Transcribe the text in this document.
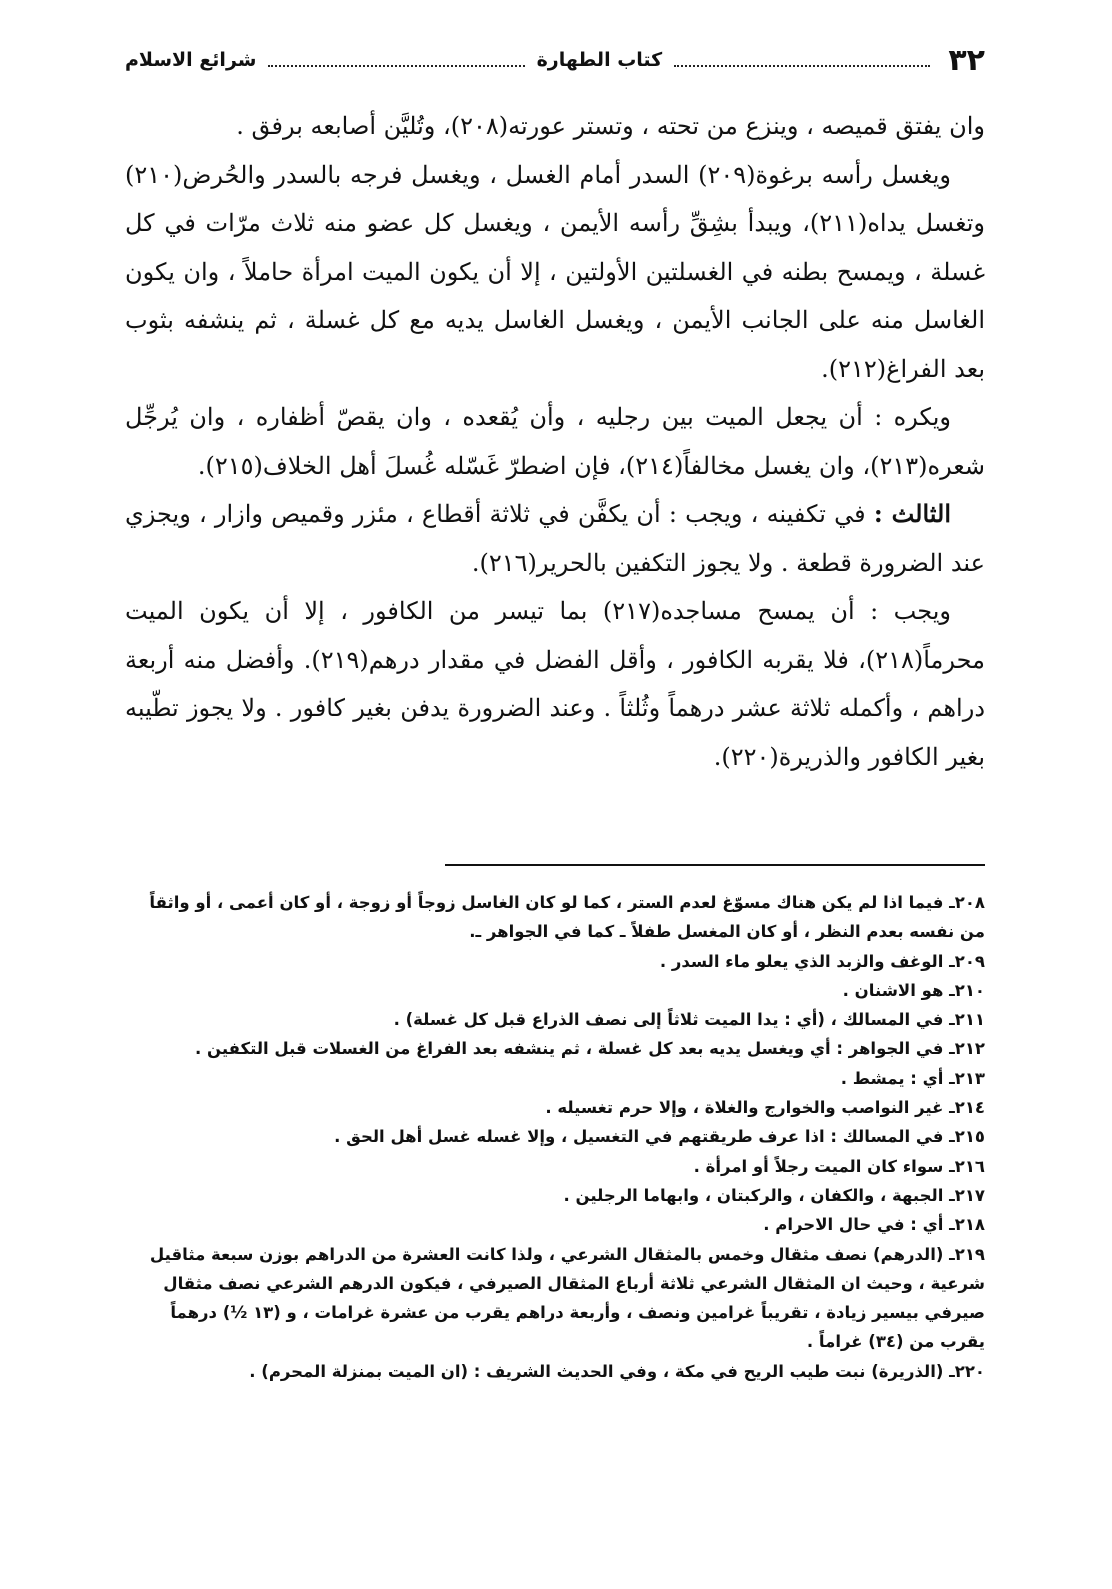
٣٢
كتاب الطهارة
شرائع الاسلام

وان يفتق قميصه ، وينزع من تحته ، وتستر عورته(٢٠٨)، وتُليَّن أصابعه برفق .

ويغسل رأسه برغوة(٢٠٩) السدر أمام الغسل ، ويغسل فرجه بالسدر والحُرض(٢١٠) وتغسل يداه(٢١١)، ويبدأ بشِقِّ رأسه الأيمن ، ويغسل كل عضو منه ثلاث مرّات في كل غسلة ، ويمسح بطنه في الغسلتين الأولتين ، إلا أن يكون الميت امرأة حاملاً ، وان يكون الغاسل منه على الجانب الأيمن ، ويغسل الغاسل يديه مع كل غسلة ، ثم ينشفه بثوب بعد الفراغ(٢١٢).

ويكره : أن يجعل الميت بين رجليه ، وأن يُقعده ، وان يقصّ أظفاره ، وان يُرجِّل شعره(٢١٣)، وان يغسل مخالفاً(٢١٤)، فإن اضطرّ غَسّله غُسلَ أهل الخلاف(٢١٥).

الثالث : في تكفينه ، ويجب : أن يكفَّن في ثلاثة أقطاع ، مئزر وقميص وازار ، ويجزي عند الضرورة قطعة . ولا يجوز التكفين بالحرير(٢١٦).

ويجب : أن يمسح مساجده(٢١٧) بما تيسر من الكافور ، إلا أن يكون الميت محرماً(٢١٨)، فلا يقربه الكافور ، وأقل الفضل في مقدار درهم(٢١٩). وأفضل منه أربعة دراهم ، وأكمله ثلاثة عشر درهماً وثُلثاً . وعند الضرورة يدفن بغير كافور . ولا يجوز تطّيبه بغير الكافور والذريرة(٢٢٠).

٢٠٨ـ فيما اذا لم يكن هناك مسوّغ لعدم الستر ، كما لو كان الغاسل زوجاً أو زوجة ، أو كان أعمى ، أو واثقاً من نفسه بعدم النظر ، أو كان المغسل طفلاً ـ كما في الجواهر ـ.

٢٠٩ـ الوغف والزبد الذي يعلو ماء السدر .

٢١٠ـ هو الاشنان .

٢١١ـ في المسالك ، (أي : يدا الميت ثلاثاً إلى نصف الذراع قبل كل غسلة) .

٢١٢ـ في الجواهر : أي ويغسل يديه بعد كل غسلة ، ثم ينشفه بعد الفراغ من الغسلات قبل التكفين .

٢١٣ـ أي : يمشط .

٢١٤ـ غير النواصب والخوارج والغلاة ، وإلا حرم تغسيله .

٢١٥ـ في المسالك : اذا عرف طريقتهم في التغسيل ، وإلا غسله غسل أهل الحق .

٢١٦ـ سواء كان الميت رجلاً أو امرأة .

٢١٧ـ الجبهة ، والكفان ، والركبتان ، وابهاما الرجلين .

٢١٨ـ أي : في حال الاحرام .

٢١٩ـ (الدرهم) نصف مثقال وخمس بالمثقال الشرعي ، ولذا كانت العشرة من الدراهم بوزن سبعة مثاقيل شرعية ، وحيث ان المثقال الشرعي ثلاثة أرباع المثقال الصيرفي ، فيكون الدرهم الشرعي نصف مثقال صيرفي بيسير زيادة ، تقريباً غرامين ونصف ، وأربعة دراهم يقرب من عشرة غرامات ، و (١٣ ½) درهماً يقرب من (٣٤) غراماً .

٢٢٠ـ (الذريرة) نبت طيب الريح في مكة ، وفي الحديث الشريف : (ان الميت بمنزلة المحرم) .
